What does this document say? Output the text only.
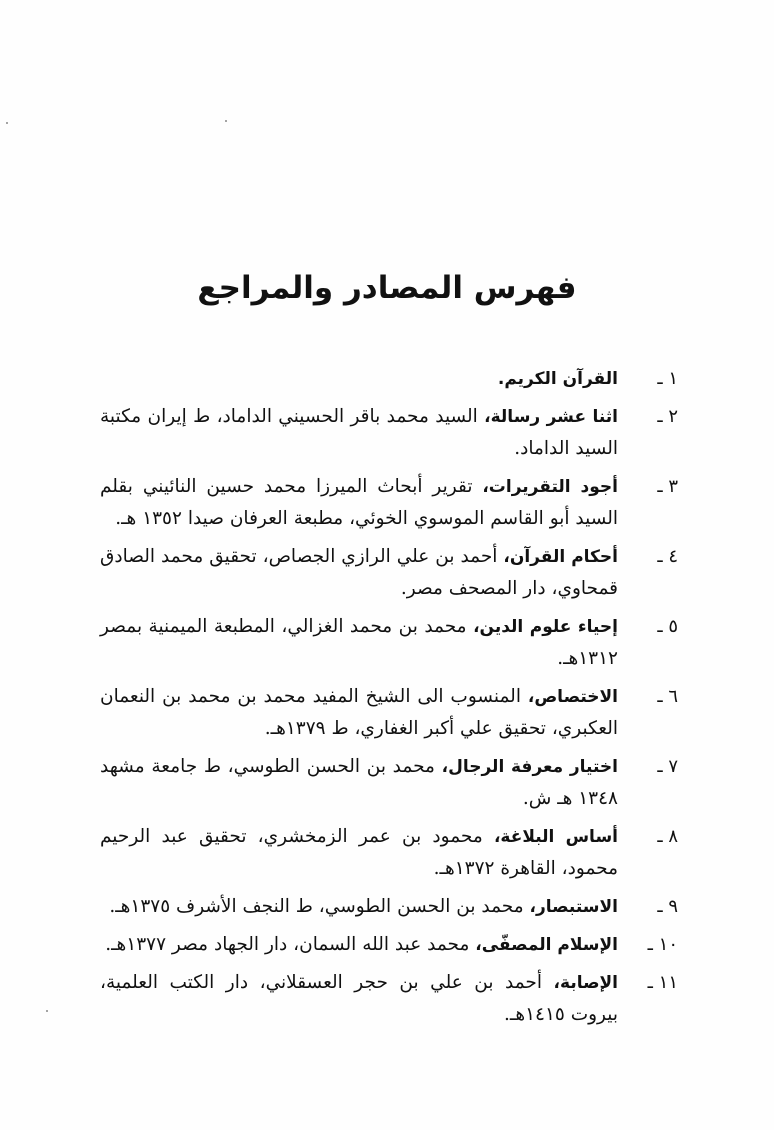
فهرس المصادر والمراجع
١ ـ
القرآن الكريم.
٢ ـ
اثنا عشر رسالة، السيد محمد باقر الحسيني الداماد، ط إيران مكتبة السيد الداماد.
٣ ـ
أجود التقريرات، تقرير أبحاث الميرزا محمد حسين النائيني بقلم السيد أبو القاسم الموسوي الخوئي، مطبعة العرفان صيدا ١٣٥٢ هـ.
٤ ـ
أحكام القرآن، أحمد بن علي الرازي الجصاص، تحقيق محمد الصادق قمحاوي، دار المصحف مصر.
٥ ـ
إحياء علوم الدين، محمد بن محمد الغزالي، المطبعة الميمنية بمصر ١٣١٢هـ.
٦ ـ
الاختصاص، المنسوب الى الشيخ المفيد محمد بن محمد بن النعمان العكبري، تحقيق علي أكبر الغفاري، ط ١٣٧٩هـ.
٧ ـ
اختيار معرفة الرجال، محمد بن الحسن الطوسي، ط جامعة مشهد ١٣٤٨ هـ ش.
٨ ـ
أساس البلاغة، محمود بن عمر الزمخشري، تحقيق عبد الرحيم محمود، القاهرة ١٣٧٢هـ.
٩ ـ
الاستبصار، محمد بن الحسن الطوسي، ط النجف الأشرف ١٣٧٥هـ.
١٠ ـ
الإسلام المصفّى، محمد عبد الله السمان، دار الجهاد مصر ١٣٧٧هـ.
١١ ـ
الإصابة، أحمد بن علي بن حجر العسقلاني، دار الكتب العلمية، بيروت ١٤١٥هـ.
